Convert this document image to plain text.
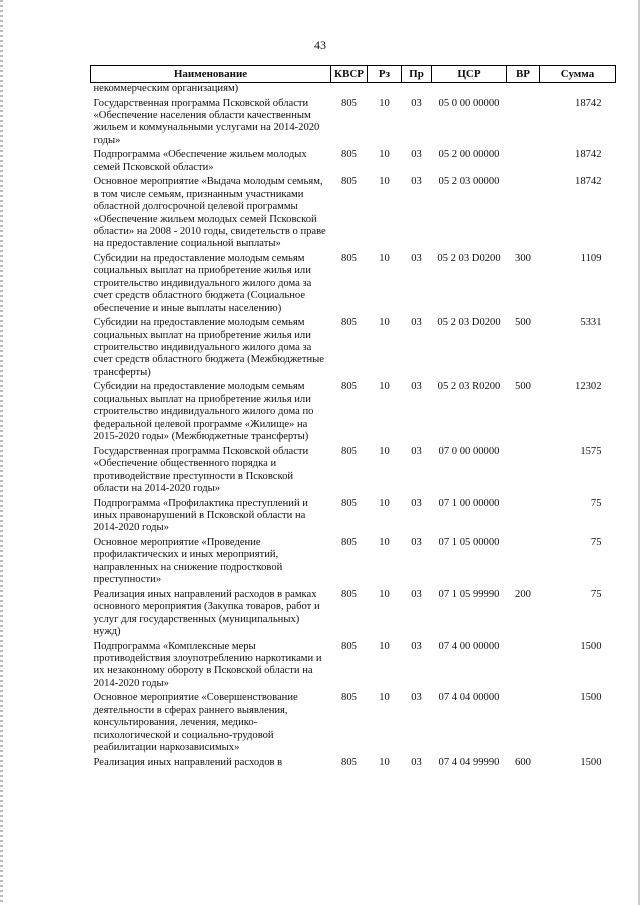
43
Наименование	КВСР	Рз	Пр	ЦСР	ВР	Сумма
некоммерческим организациям)						
Государственная программа Псковской области «Обеспечение населения области качественным жильем и коммунальными услугами на 2014-2020 годы»	805	10	03	05 0 00 00000		18742
Подпрограмма «Обеспечение жильем молодых семей Псковской области»	805	10	03	05 2 00 00000		18742
Основное мероприятие «Выдача молодым семьям, в том числе семьям, признанным участниками областной долгосрочной целевой программы «Обеспечение жильем молодых семей Псковской области» на 2008 - 2010 годы, свидетельств о праве на предоставление социальной выплаты»	805	10	03	05 2 03 00000		18742
Субсидии на предоставление молодым семьям социальных выплат на приобретение жилья или строительство индивидуального жилого дома за счет средств областного бюджета (Социальное обеспечение и иные выплаты населению)	805	10	03	05 2 03 D0200	300	1109
Субсидии на предоставление молодым семьям социальных выплат на приобретение жилья или строительство индивидуального жилого дома за счет средств областного бюджета (Межбюджетные трансферты)	805	10	03	05 2 03 D0200	500	5331
Субсидии на предоставление молодым семьям социальных выплат на приобретение жилья или строительство индивидуального жилого дома по федеральной целевой программе «Жилище» на 2015-2020 годы» (Межбюджетные трансферты)	805	10	03	05 2 03 R0200	500	12302
Государственная программа Псковской области «Обеспечение общественного порядка и противодействие преступности в Псковской области на 2014-2020 годы»	805	10	03	07 0 00 00000		1575
Подпрограмма «Профилактика преступлений и иных правонарушений в Псковской области на 2014-2020 годы»	805	10	03	07 1 00 00000		75
Основное мероприятие «Проведение профилактических и иных мероприятий, направленных на снижение подростковой преступности»	805	10	03	07 1 05 00000		75
Реализация иных направлений расходов в рамках основного мероприятия (Закупка товаров, работ и услуг для государственных (муниципальных) нужд)	805	10	03	07 1 05 99990	200	75
Подпрограмма «Комплексные меры противодействия злоупотреблению наркотиками и их незаконному обороту в Псковской области на 2014-2020 годы»	805	10	03	07 4 00 00000		1500
Основное мероприятие «Совершенствование деятельности в сферах раннего выявления, консультирования, лечения, медико-психологической и социально-трудовой реабилитации наркозависимых»	805	10	03	07 4 04 00000		1500
Реализация иных направлений расходов в	805	10	03	07 4 04 99990	600	1500
